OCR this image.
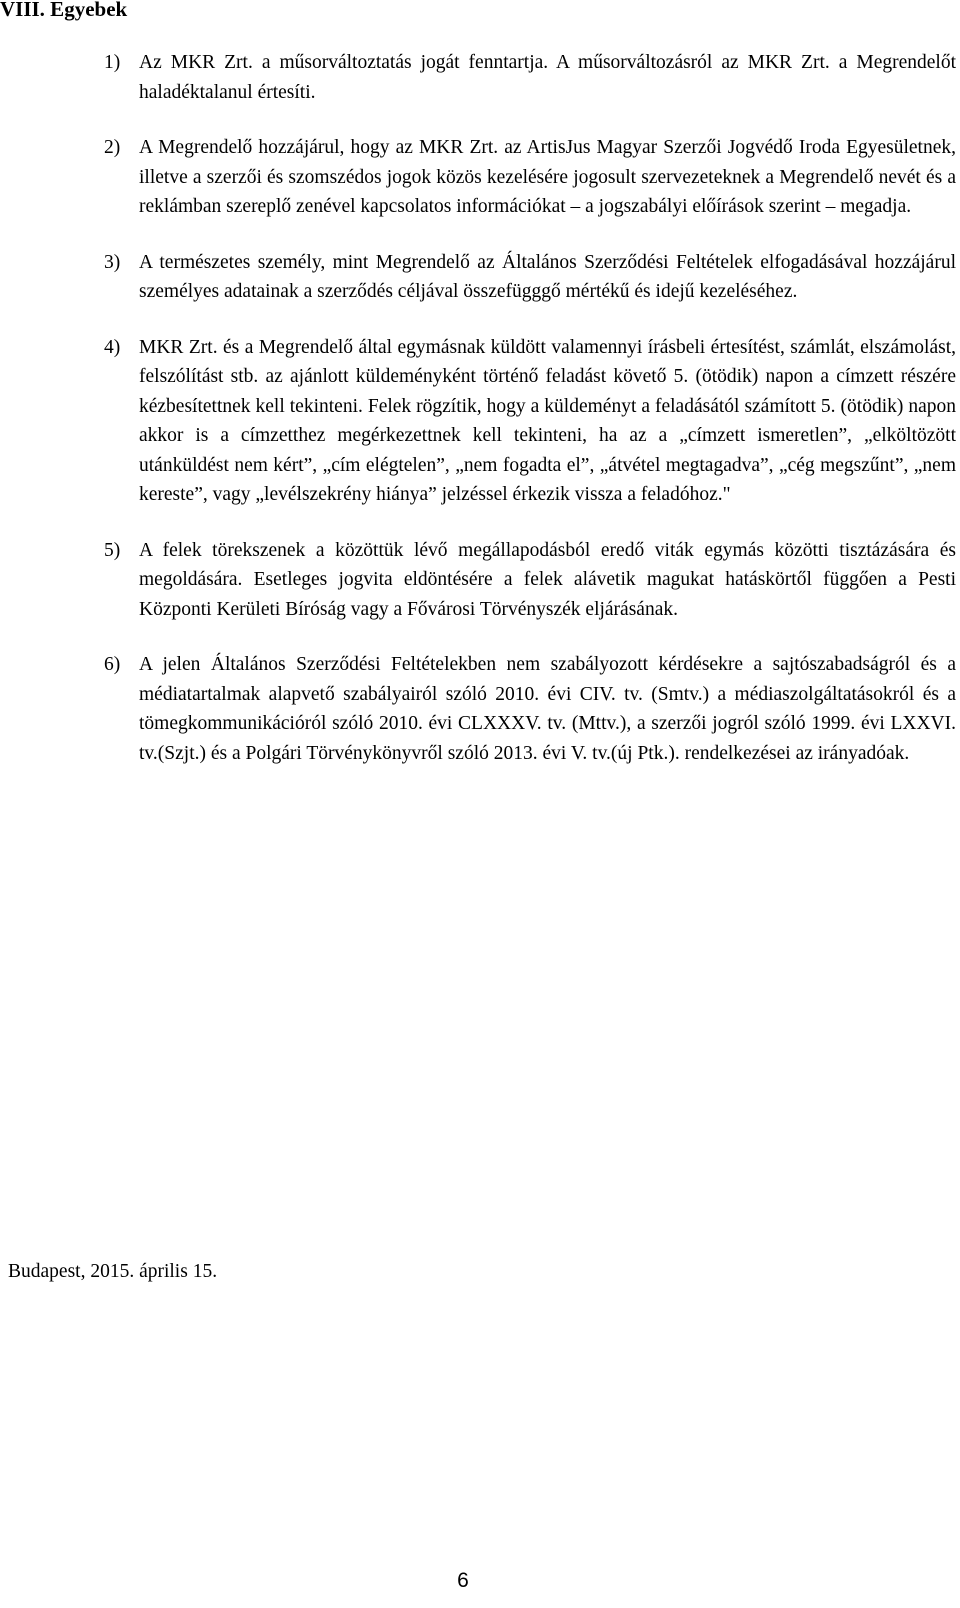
VIII. Egyebek
1) Az MKR Zrt. a műsorváltoztatás jogát fenntartja. A műsorváltozásról az MKR Zrt. a Megrendelőt haladéktalanul értesíti.
2) A Megrendelő hozzájárul, hogy az MKR Zrt. az ArtisJus Magyar Szerzői Jogvédő Iroda Egyesületnek, illetve a szerzői és szomszédos jogok közös kezelésére jogosult szervezeteknek a Megrendelő nevét és a reklámban szereplő zenével kapcsolatos információkat – a jogszabályi előírások szerint – megadja.
3) A természetes személy, mint Megrendelő az Általános Szerződési Feltételek elfogadásával hozzájárul személyes adatainak a szerződés céljával összefügggő mértékű és idejű kezeléséhez.
4) MKR Zrt. és a Megrendelő által egymásnak küldött valamennyi írásbeli értesítést, számlát, elszámolást, felszólítást stb. az ajánlott küldeményként történő feladást követő 5. (ötödik) napon a címzett részére kézbesítettnek kell tekinteni. Felek rögzítik, hogy a küldeményt a feladásától számított 5. (ötödik) napon akkor is a címzetthez megérkezettnek kell tekinteni, ha az a „címzett ismeretlen”, „elköltözött utánküldést nem kért”, „cím elégtelen”, „nem fogadta el”, „átvétel megtagadva”, „cég megszűnt”, „nem kereste”, vagy „levélszekrény hiánya” jelzéssel érkezik vissza a feladóhoz."
5) A felek törekszenek a közöttük lévő megállapodásból eredő viták egymás közötti tisztázására és megoldására. Esetleges jogvita eldöntésére a felek alávetik magukat hatáskörtől függően a Pesti Központi Kerületi Bíróság vagy a Fővárosi Törvényszék eljárásának.
6) A jelen Általános Szerződési Feltételekben nem szabályozott kérdésekre a sajtószabadságról és a médiatartalmak alapvető szabályairól szóló 2010. évi CIV. tv. (Smtv.) a médiaszolgáltatásokról és a tömegkommunikációról szóló 2010. évi CLXXXV. tv. (Mttv.), a szerzői jogról szóló 1999. évi LXXVI. tv.(Szjt.) és a Polgári Törvénykönyvről szóló 2013. évi V. tv.(új Ptk.). rendelkezései az irányadóak.

Budapest, 2015. április 15.

6
